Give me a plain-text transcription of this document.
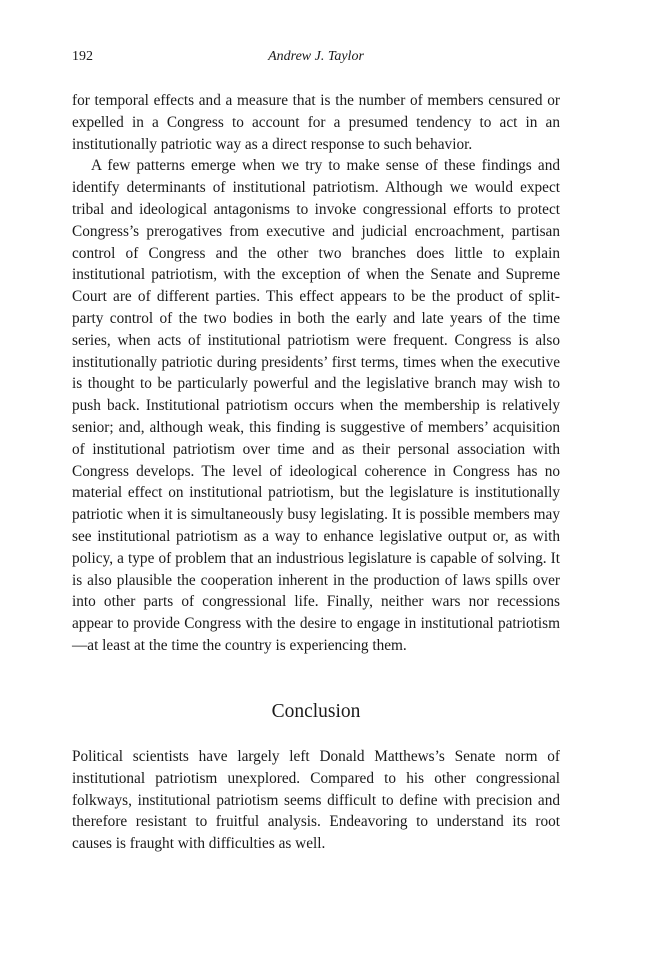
192	Andrew J. Taylor

for temporal effects and a measure that is the number of members censured or expelled in a Congress to account for a presumed tendency to act in an institutionally patriotic way as a direct response to such behavior.

A few patterns emerge when we try to make sense of these findings and identify determinants of institutional patriotism. Although we would expect tribal and ideological antagonisms to invoke congressional efforts to protect Congress’s prerogatives from executive and judicial encroachment, partisan control of Congress and the other two branches does little to explain institutional patriotism, with the exception of when the Senate and Supreme Court are of different parties. This effect appears to be the product of split-party control of the two bodies in both the early and late years of the time series, when acts of institutional patriotism were frequent. Congress is also institutionally patriotic during presidents’ first terms, times when the executive is thought to be particularly powerful and the legislative branch may wish to push back. Institutional patriotism occurs when the membership is relatively senior; and, although weak, this finding is suggestive of members’ acquisition of institutional patriotism over time and as their personal association with Congress develops. The level of ideological coherence in Congress has no material effect on institutional patriotism, but the legislature is institutionally patriotic when it is simultaneously busy legislating. It is possible members may see institutional patriotism as a way to enhance legislative output or, as with policy, a type of problem that an industrious legislature is capable of solving. It is also plausible the cooperation inherent in the production of laws spills over into other parts of congressional life. Finally, neither wars nor recessions appear to provide Congress with the desire to engage in institutional patriotism—at least at the time the country is experiencing them.

Conclusion

Political scientists have largely left Donald Matthews’s Senate norm of institutional patriotism unexplored. Compared to his other congressional folkways, institutional patriotism seems difficult to define with precision and therefore resistant to fruitful analysis. Endeavoring to understand its root causes is fraught with difficulties as well.
